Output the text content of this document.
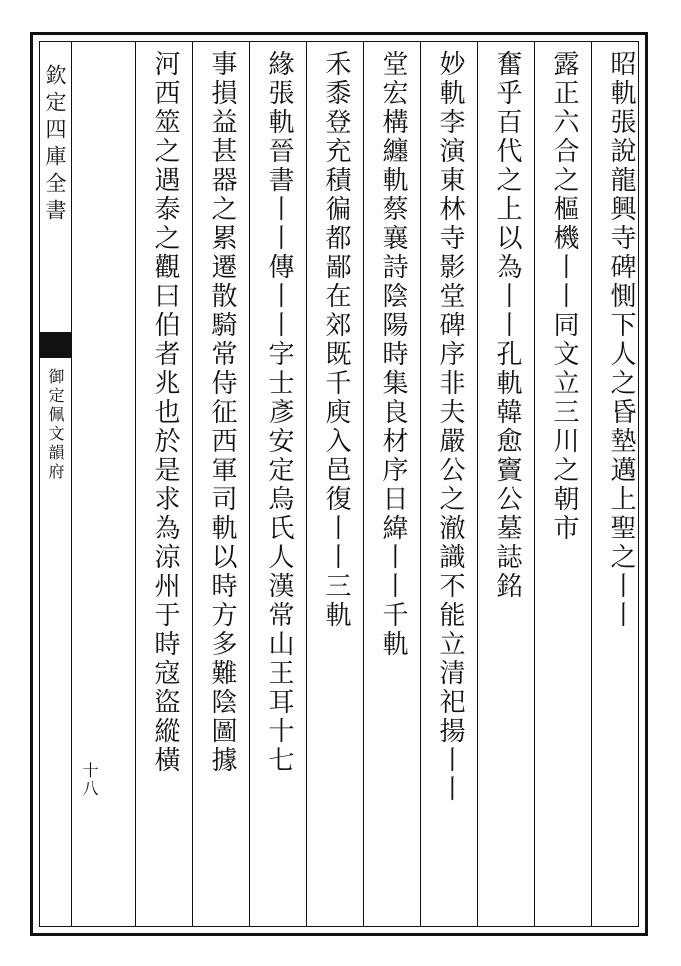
昭軌張說龍興寺碑惻下人之昏墊邁上聖之丨丨
露正六合之樞機丨丨同文立三川之朝市
奮乎百代之上以為丨丨孔軌韓愈竇公墓誌銘
妙軌李演東林寺影堂碑序非夫嚴公之澈識不能立清祀揚丨丨
堂宏構纏軌蔡襄詩陰陽時集良材序日緯丨丨千軌
禾黍登充積徧都鄙在郊既千庾入邑復丨丨三軌
緣張軌晉書丨丨傳丨丨字士彥安定烏氏人漢常山王耳十七
事損益甚器之累遷散騎常侍征西軍司軌以時方多難陰圖據
河西筮之遇泰之觀曰伯者兆也於是求為涼州于時寇盜縱橫
欽定四庫全書
御定佩文韻府
十八
